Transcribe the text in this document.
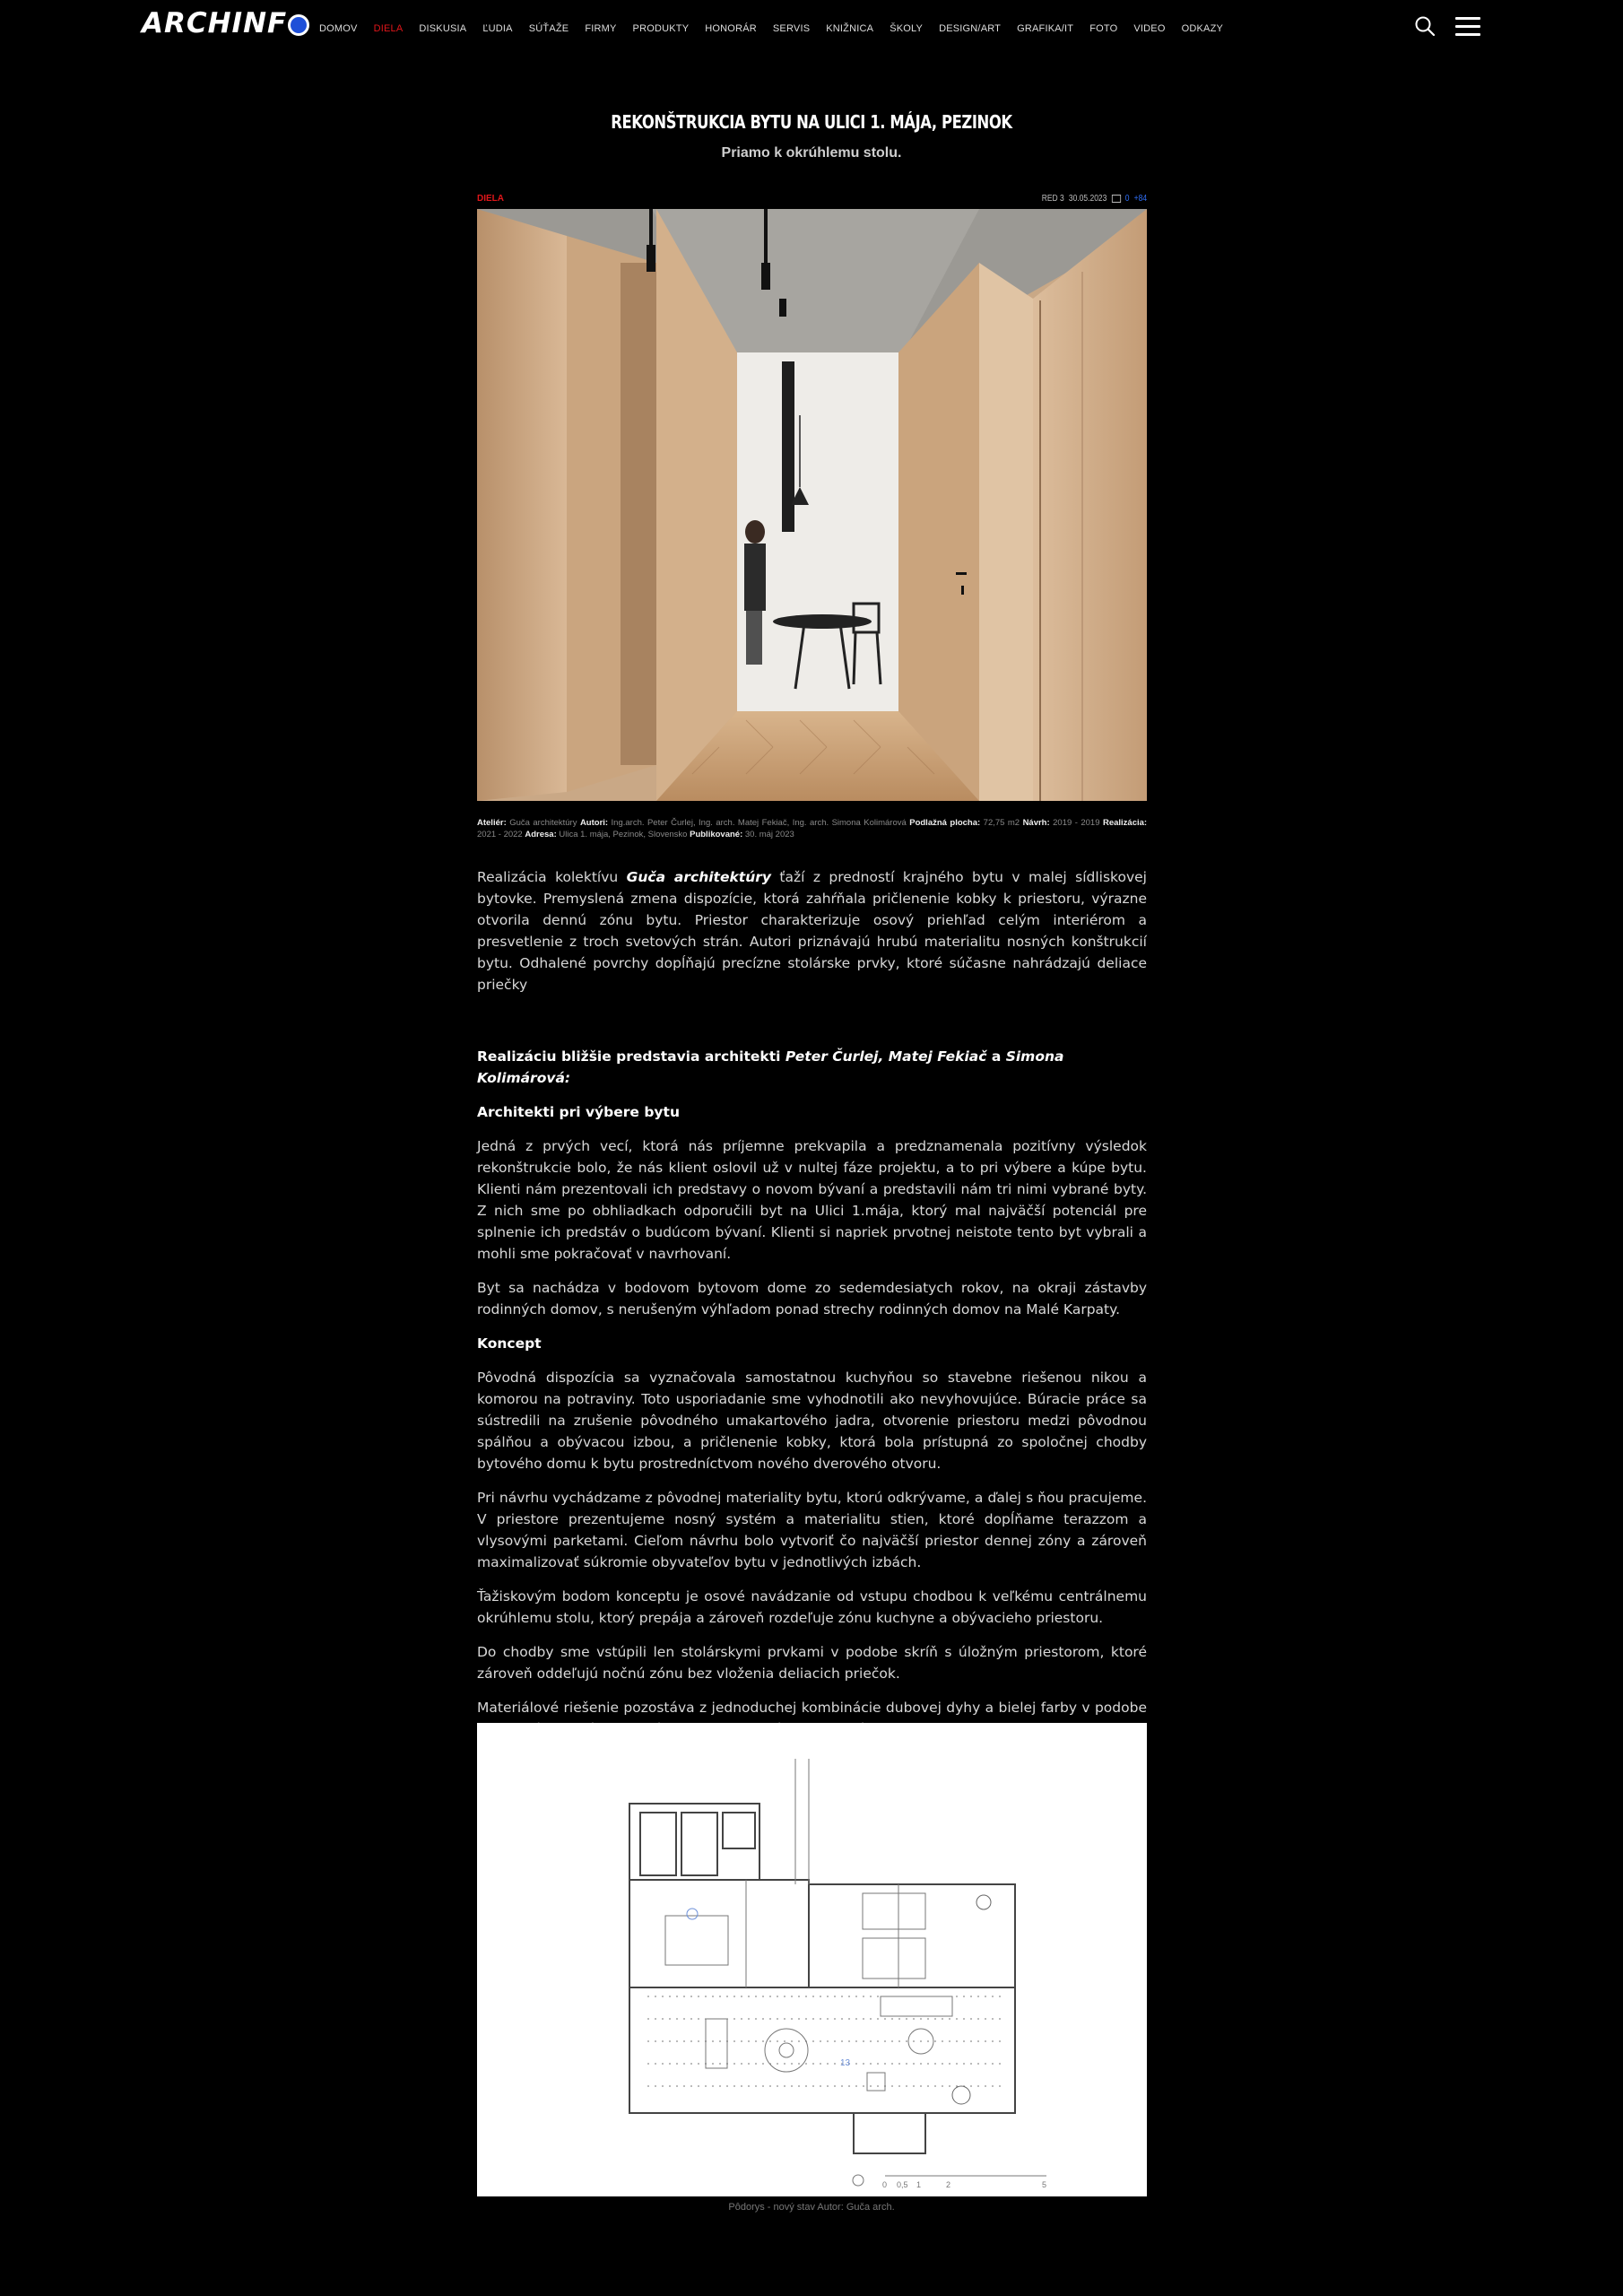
ARCHINF	DOMOV DIELA DISKUSIA ĽUDIA SÚŤAŽE FIRMY PRODUKTY HONORÁR SERVIS KNIŽNICA ŠKOLY DESIGN/ART GRAFIKA/IT FOTO VIDEO ODKAZY
REKONŠTRUKCIA BYTU NA ULICI 1. MÁJA, PEZINOK
Priamo k okrúhlemu stolu.
DIELA	RED 3 30.05.2023 0 +84
Ateliér: Guča architektúry Autori: Ing.arch. Peter Čurlej, Ing. arch. Matej Fekiač, Ing. arch. Simona Kolimárová Podlažná plocha: 72,75 m2 Návrh: 2019 - 2019 Realizácia: 2021 - 2022 Adresa: Ulica 1. mája, Pezinok, Slovensko Publikované: 30. máj 2023

Realizácia kolektívu Guča architektúry ťaží z predností krajného bytu v malej sídliskovej bytovke. Premyslená zmena dispozície, ktorá zahŕňala pričlenenie kobky k priestoru, výrazne otvorila dennú zónu bytu. Priestor charakterizuje osový priehľad celým interiérom a presvetlenie z troch svetových strán. Autori priznávajú hrubú materialitu nosných konštrukcií bytu. Odhalené povrchy dopĺňajú precízne stolárske prvky, ktoré súčasne nahrádzajú deliace priečky

Realizáciu bližšie predstavia architekti Peter Čurlej, Matej Fekiač a Simona Kolimárová:
Architekti pri výbere bytu

Jedná z prvých vecí, ktorá nás príjemne prekvapila a predznamenala pozitívny výsledok rekonštrukcie bolo, že nás klient oslovil už v nultej fáze projektu, a to pri výbere a kúpe bytu. Klienti nám prezentovali ich predstavy o novom bývaní a predstavili nám tri nimi vybrané byty. Z nich sme po obhliadkach odporučili byt na Ulici 1.mája, ktorý mal najväčší potenciál pre splnenie ich predstáv o budúcom bývaní. Klienti si napriek prvotnej neistote tento byt vybrali a mohli sme pokračovať v navrhovaní.

Byt sa nachádza v bodovom bytovom dome zo sedemdesiatych rokov, na okraji zástavby rodinných domov, s nerušeným výhľadom ponad strechy rodinných domov na Malé Karpaty.

Koncept

Pôvodná dispozícia sa vyznačovala samostatnou kuchyňou so stavebne riešenou nikou a komorou na potraviny. Toto usporiadanie sme vyhodnotili ako nevyhovujúce. Búracie práce sa sústredili na zrušenie pôvodného umakartového jadra, otvorenie priestoru medzi pôvodnou spálňou a obývacou izbou, a pričlenenie kobky, ktorá bola prístupná zo spoločnej chodby bytového domu k bytu prostredníctvom nového dverového otvoru.

Pri návrhu vychádzame z pôvodnej materiality bytu, ktorú odkrývame, a ďalej s ňou pracujeme. V priestore prezentujeme nosný systém a materialitu stien, ktoré dopĺňame terazzom a vlysovými parketami. Cieľom návrhu bolo vytvoriť čo najväčší priestor dennej zóny a zároveň maximalizovať súkromie obyvateľov bytu v jednotlivých izbách.

Ťažiskovým bodom konceptu je osové navádzanie od vstupu chodbou k veľkému centrálnemu okrúhlemu stolu, ktorý prepája a zároveň rozdeľuje zónu kuchyne a obývacieho priestoru.

Do chodby sme vstúpili len stolárskymi prvkami v podobe skríň s úložným priestorom, ktoré zároveň oddeľujú nočnú zónu bez vloženia deliacich priečok.

Materiálové riešenie pozostáva z jednoduchej kombinácie dubovej dyhy a bielej farby v podobe

13
0 0,5 1	2	5
Pôdorys - nový stav Autor: Guča arch.
